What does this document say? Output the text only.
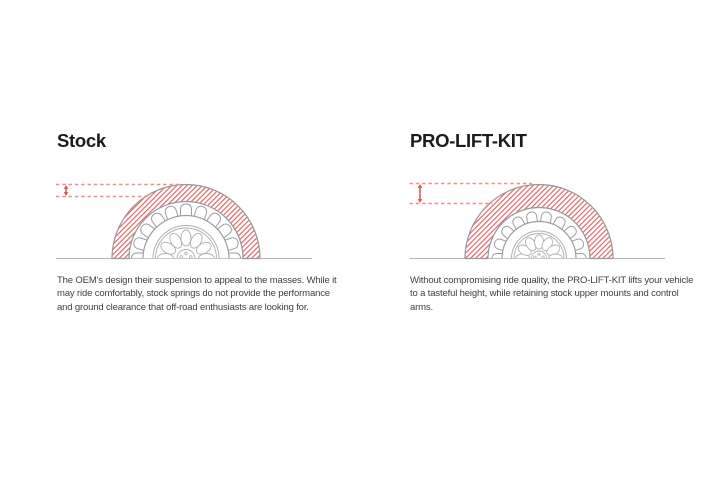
Stock	PRO-LIFT-KIT
The OEM's design their suspension to appeal to the masses. While it
may ride comfortably, stock springs do not provide the performance
and ground clearance that off-road enthusiasts are looking for.
Without compromising ride quality, the PRO-LIFT-KIT lifts your vehicle
to a tasteful height, while retaining stock upper mounts and control
arms.
